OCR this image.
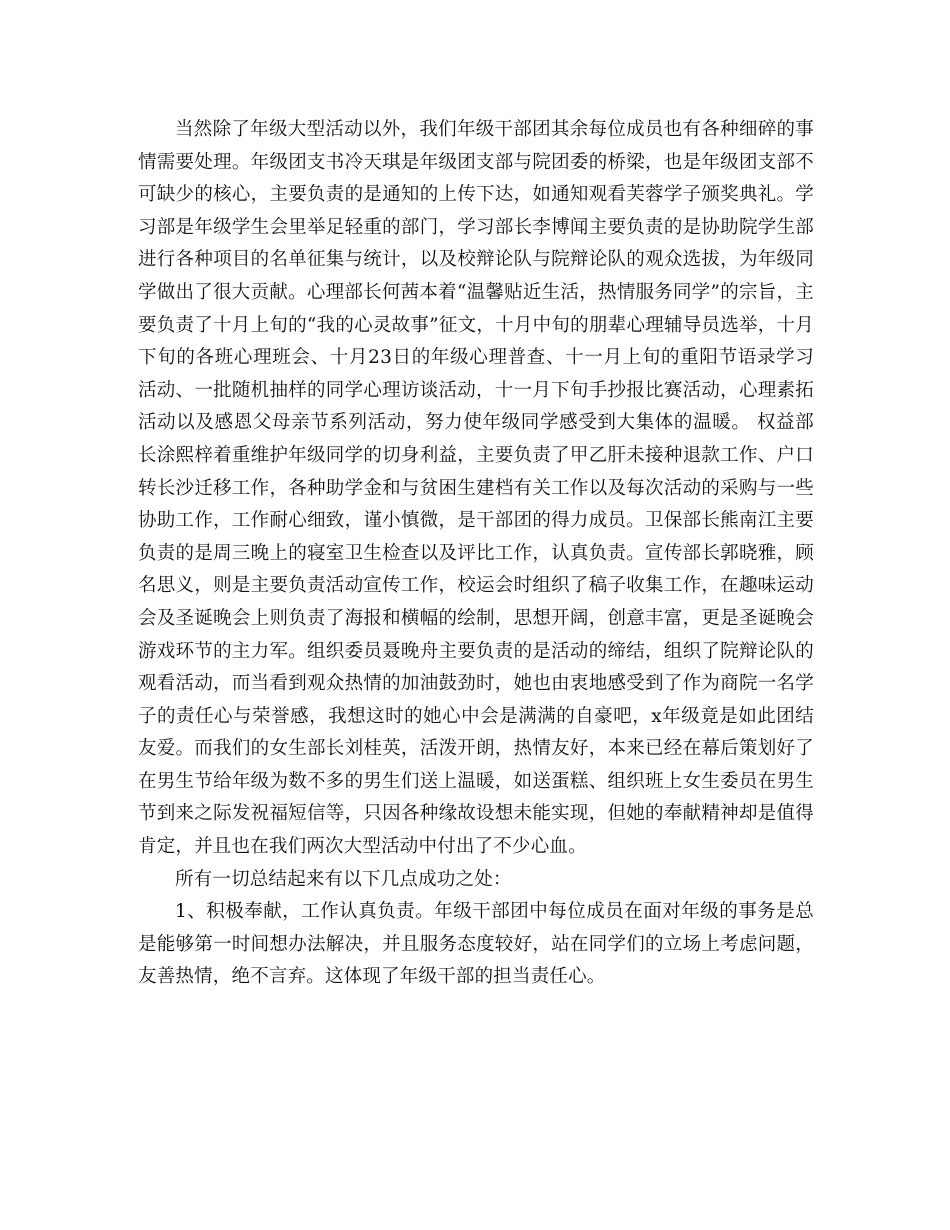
当然除了年级大型活动以外，我们年级干部团其余每位成员也有各种细碎的事情需要处理。年级团支书冷天琪是年级团支部与院团委的桥梁，也是年级团支部不可缺少的核心，主要负责的是通知的上传下达，如通知观看芙蓉学子颁奖典礼。学习部是年级学生会里举足轻重的部门，学习部长李博闻主要负责的是协助院学生部进行各种项目的名单征集与统计，以及校辩论队与院辩论队的观众选拔，为年级同学做出了很大贡献。心理部长何茜本着“温馨贴近生活，热情服务同学”的宗旨，主要负责了十月上旬的“我的心灵故事”征文，十月中旬的朋辈心理辅导员选举，十月下旬的各班心理班会、十月23日的年级心理普查、十一月上旬的重阳节语录学习活动、一批随机抽样的同学心理访谈活动，十一月下旬手抄报比赛活动，心理素拓活动以及感恩父母亲节系列活动，努力使年级同学感受到大集体的温暖。 权益部长涂熙梓着重维护年级同学的切身利益，主要负责了甲乙肝未接种退款工作、户口转长沙迁移工作，各种助学金和与贫困生建档有关工作以及每次活动的采购与一些协助工作，工作耐心细致，谨小慎微，是干部团的得力成员。卫保部长熊南江主要负责的是周三晚上的寝室卫生检查以及评比工作，认真负责。宣传部长郭晓雅，顾名思义，则是主要负责活动宣传工作，校运会时组织了稿子收集工作，在趣味运动会及圣诞晚会上则负责了海报和横幅的绘制，思想开阔，创意丰富，更是圣诞晚会游戏环节的主力军。组织委员聂晚舟主要负责的是活动的缔结，组织了院辩论队的观看活动，而当看到观众热情的加油鼓劲时，她也由衷地感受到了作为商院一名学子的责任心与荣誉感，我想这时的她心中会是满满的自豪吧，x年级竟是如此团结友爱。而我们的女生部长刘桂英，活泼开朗，热情友好，本来已经在幕后策划好了在男生节给年级为数不多的男生们送上温暖，如送蛋糕、组织班上女生委员在男生节到来之际发祝福短信等，只因各种缘故设想未能实现，但她的奉献精神却是值得肯定，并且也在我们两次大型活动中付出了不少心血。

所有一切总结起来有以下几点成功之处：

1、积极奉献，工作认真负责。年级干部团中每位成员在面对年级的事务是总是能够第一时间想办法解决，并且服务态度较好，站在同学们的立场上考虑问题，友善热情，绝不言弃。这体现了年级干部的担当责任心。
